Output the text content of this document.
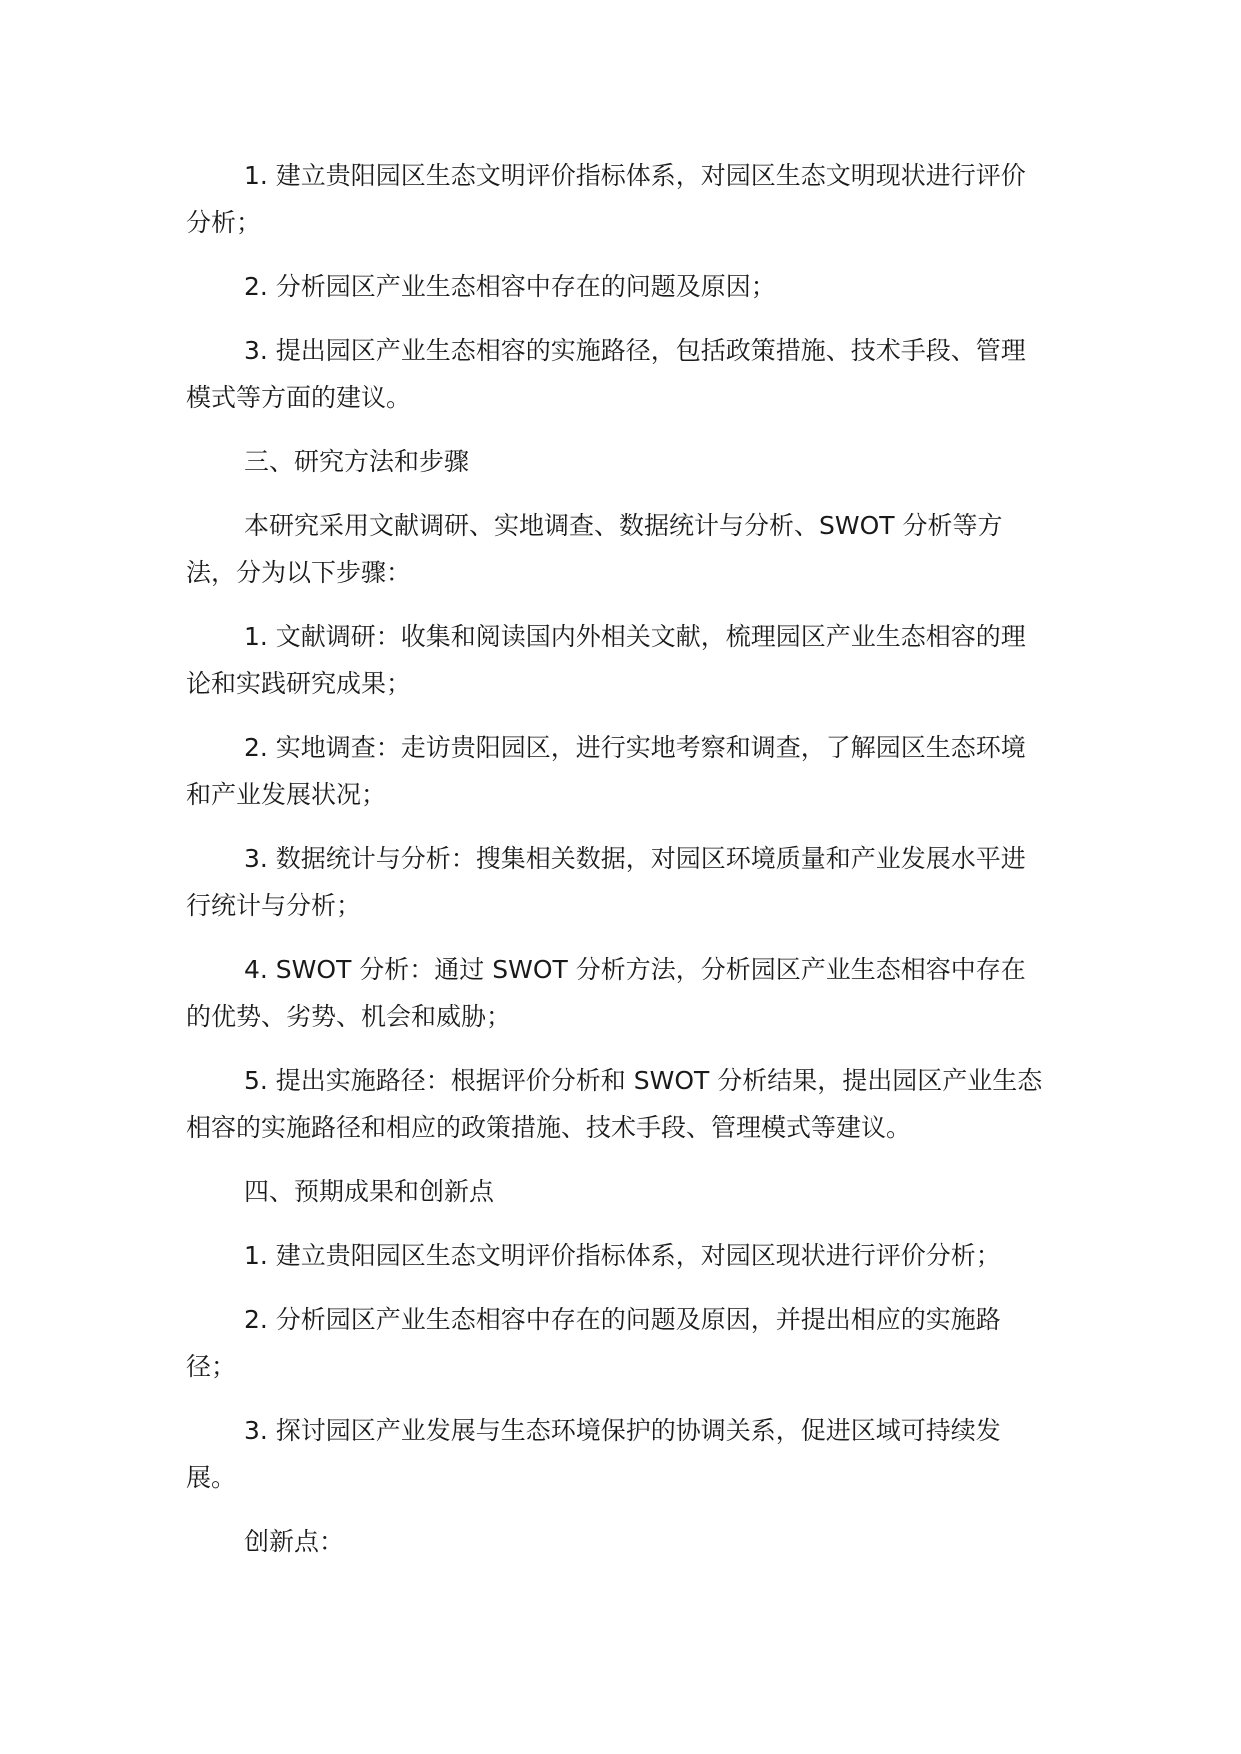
1. 建立贵阳园区生态文明评价指标体系，对园区生态文明现状进行评价分析；

2. 分析园区产业生态相容中存在的问题及原因；

3. 提出园区产业生态相容的实施路径，包括政策措施、技术手段、管理模式等方面的建议。

三、研究方法和步骤

本研究采用文献调研、实地调查、数据统计与分析、SWOT 分析等方法，分为以下步骤：

1. 文献调研：收集和阅读国内外相关文献，梳理园区产业生态相容的理论和实践研究成果；

2. 实地调查：走访贵阳园区，进行实地考察和调查，了解园区生态环境和产业发展状况；

3. 数据统计与分析：搜集相关数据，对园区环境质量和产业发展水平进行统计与分析；

4. SWOT 分析：通过 SWOT 分析方法，分析园区产业生态相容中存在的优势、劣势、机会和威胁；

5. 提出实施路径：根据评价分析和 SWOT 分析结果，提出园区产业生态相容的实施路径和相应的政策措施、技术手段、管理模式等建议。

四、预期成果和创新点

1. 建立贵阳园区生态文明评价指标体系，对园区现状进行评价分析；

2. 分析园区产业生态相容中存在的问题及原因，并提出相应的实施路径；

3. 探讨园区产业发展与生态环境保护的协调关系，促进区域可持续发展。

创新点：
